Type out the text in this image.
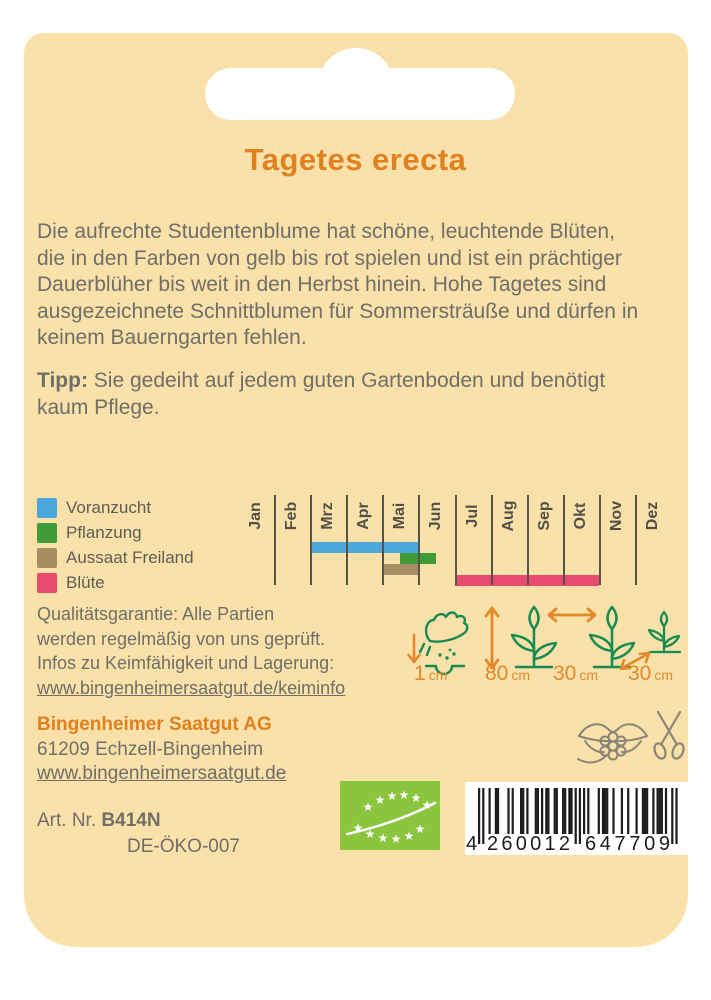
Tagetes erecta
Die aufrechte Studentenblume hat schöne, leuchtende Blüten,
die in den Farben von gelb bis rot spielen und ist ein prächtiger
Dauerblüher bis weit in den Herbst hinein. Hohe Tagetes sind
ausgezeichnete Schnittblumen für Sommersträuße und dürfen in
keinem Bauerngarten fehlen.
Tipp: Sie gedeiht auf jedem guten Gartenboden und benötigt
kaum Pflege.
Voranzucht
Pflanzung
Aussaat Freiland
Blüte
Jan Feb Mrz Apr Mai Jun Jul Aug Sep Okt Nov Dez
Qualitätsgarantie: Alle Partien
werden regelmäßig von uns geprüft.
Infos zu Keimfähigkeit und Lagerung:
www.bingenheimersaatgut.de/keiminfo
1 cm 80 cm 30 cm 30 cm
Bingenheimer Saatgut AG
61209 Echzell-Bingenheim
www.bingenheimersaatgut.de
★ ★ ★ ★ ★ ★
★ ★ ★ ★ ★ ★
Art. Nr. B414N
DE-ÖKO-007	4 2 6 0 0 1 2 6 4 7 7 0 9
